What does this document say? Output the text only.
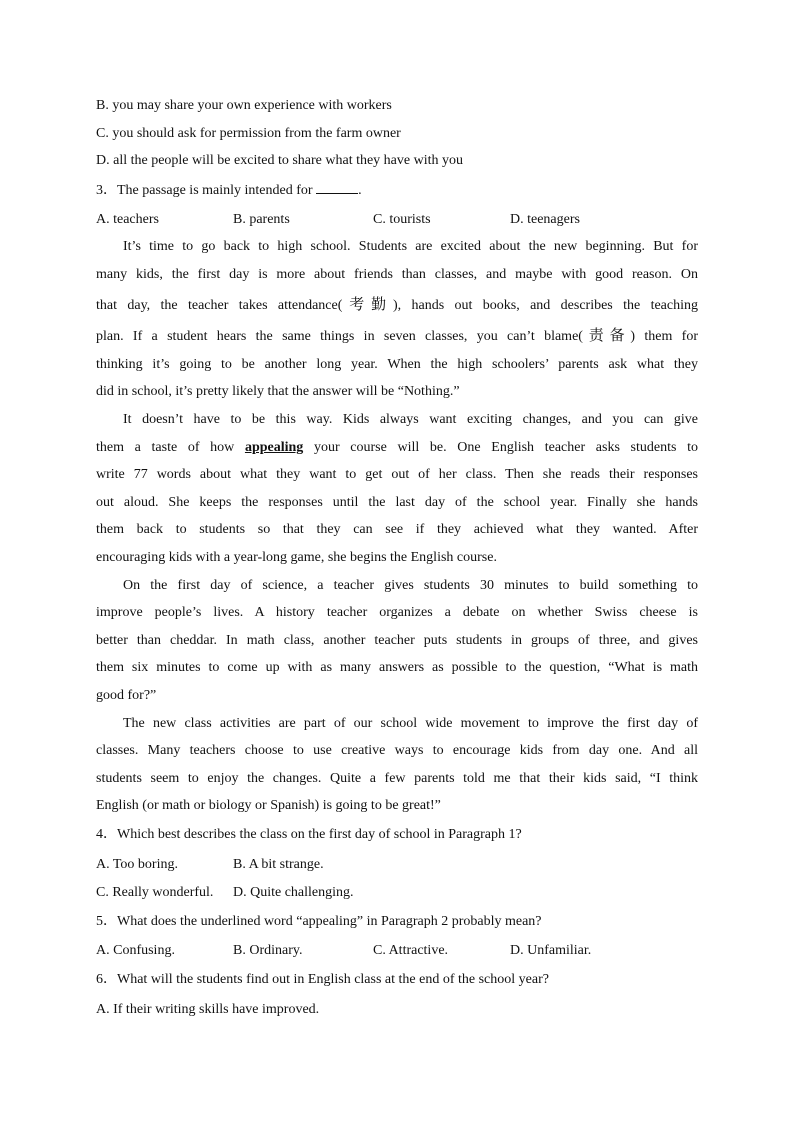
B. you may share your own experience with workers
C. you should ask for permission from the farm owner
D. all the people will be excited to share what they have with you
3．The passage is mainly intended for	.
A. teachers	B. parents	C. tourists	D. teenagers
It’s time to go back to high school. Students are excited about the new beginning. But for
many kids, the first day is more about friends than classes, and maybe with good reason. On
that day, the teacher takes attendance(考勤), hands out books, and describes the teaching
plan. If a student hears the same things in seven classes, you can’t blame(责备) them for
thinking it’s going to be another long year. When the high schoolers’ parents ask what they
did in school, it’s pretty likely that the answer will be “Nothing.”
It doesn’t have to be this way. Kids always want exciting changes, and you can give
them a taste of how appealing your course will be. One English teacher asks students to
write 77 words about what they want to get out of her class. Then she reads their responses
out aloud. She keeps the responses until the last day of the school year. Finally she hands
them back to students so that they can see if they achieved what they wanted. After
encouraging kids with a year-long game, she begins the English course.
On the first day of science, a teacher gives students 30 minutes to build something to
improve people’s lives. A history teacher organizes a debate on whether Swiss cheese is
better than cheddar. In math class, another teacher puts students in groups of three, and gives
them six minutes to come up with as many answers as possible to the question, “What is math
good for?”
The new class activities are part of our school wide movement to improve the first day of
classes. Many teachers choose to use creative ways to encourage kids from day one. And all
students seem to enjoy the changes. Quite a few parents told me that their kids said, “I think
English (or math or biology or Spanish) is going to be great!”
4．Which best describes the class on the first day of school in Paragraph 1?
A. Too boring.	B. A bit strange.
C. Really wonderful. D. Quite challenging.
5．What does the underlined word “appealing” in Paragraph 2 probably mean?
A. Confusing.	B. Ordinary.	C. Attractive.	D. Unfamiliar.
6．What will the students find out in English class at the end of the school year?
A. If their writing skills have improved.
